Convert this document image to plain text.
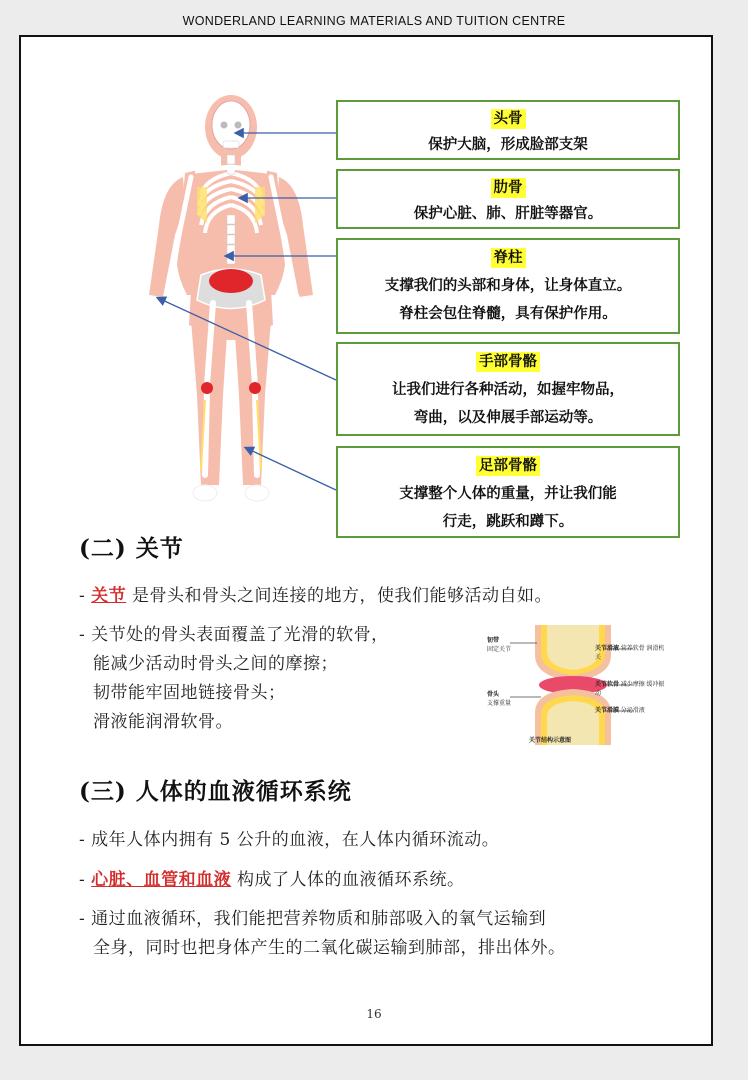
WONDERLAND LEARNING MATERIALS AND TUITION CENTRE
头骨
保护大脑，形成脸部支架
肋骨
保护心脏、肺、肝脏等器官。
脊柱
支撑我们的头部和身体，让身体直立。
脊柱会包住脊髓，具有保护作用。
手部骨骼
让我们进行各种活动，如握牢物品，
弯曲，以及伸展手部运动等。
足部骨骼
支撑整个人体的重量，并让我们能
行走，跳跃和蹲下。
(二) 关节
- 关节 是骨头和骨头之间连接的地方，使我们能够活动自如。
- 关节处的骨头表面覆盖了光滑的软骨，
能减少活动时骨头之间的摩擦；
韧带能牢固地链接骨头；
滑液能润滑软骨。
韧带
固定关节
骨头
支撑重量
关节滑液 营养软骨 润滑机关
关节软骨 减少摩擦 缓冲振动
关节滑膜 分泌滑液
关节结构示意图
(三) 人体的血液循环系统
- 成年人体内拥有 5 公升的血液，在人体内循环流动。
- 心脏、血管和血液 构成了人体的血液循环系统。
- 通过血液循环，我们能把营养物质和肺部吸入的氧气运输到
全身，同时也把身体产生的二氧化碳运输到肺部，排出体外。
16
